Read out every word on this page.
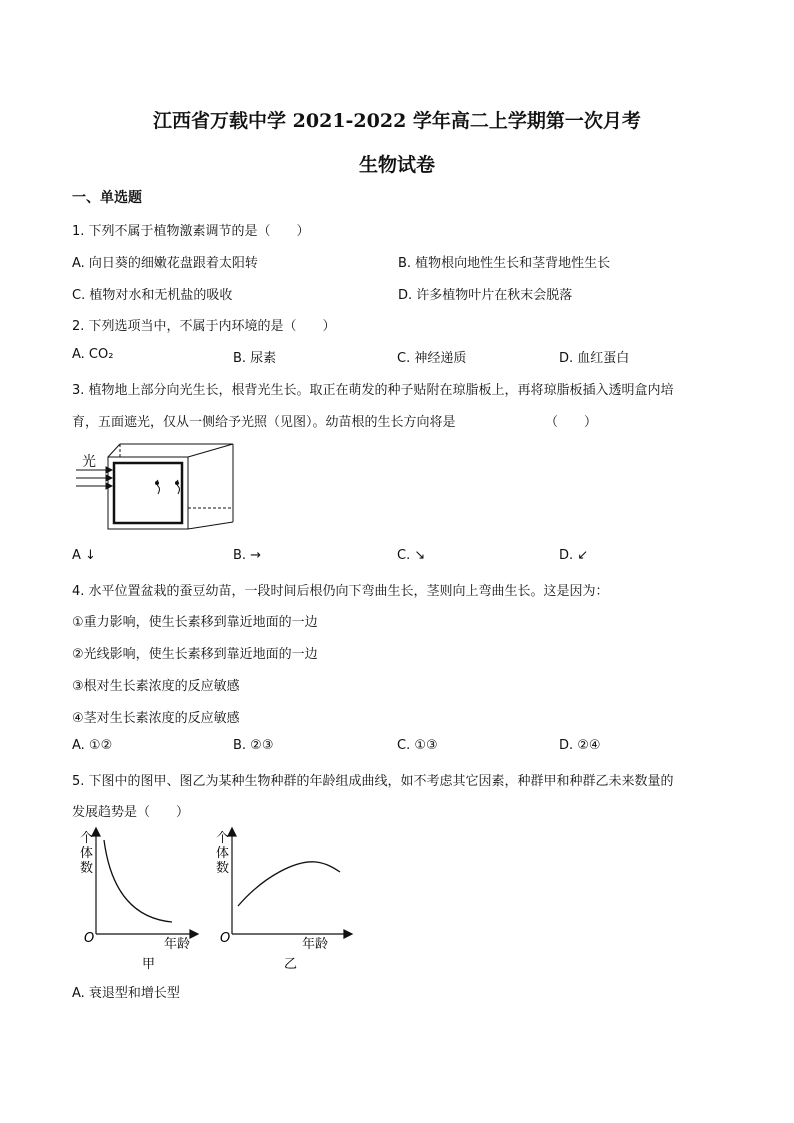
江西省万载中学 2021-2022 学年高二上学期第一次月考
生物试卷
一、单选题
1. 下列不属于植物激素调节的是（　　）
A. 向日葵的细嫩花盘跟着太阳转	B. 植物根向地性生长和茎背地性生长
C. 植物对水和无机盐的吸收	D. 许多植物叶片在秋末会脱落
2. 下列选项当中，不属于内环境的是（　　）
A. CO₂	B. 尿素	C. 神经递质	D. 血红蛋白
3. 植物地上部分向光生长，根背光生长。取正在萌发的种子贴附在琼脂板上，再将琼脂板插入透明盒内培
育，五面遮光，仅从一侧给予光照（见图）。幼苗根的生长方向将是	（　　）
光
A ↓	B. →	C. ↘	D. ↙
4. 水平位置盆栽的蚕豆幼苗，一段时间后根仍向下弯曲生长，茎则向上弯曲生长。这是因为：
①重力影响，使生长素移到靠近地面的一边
②光线影响，使生长素移到靠近地面的一边
③根对生长素浓度的反应敏感
④茎对生长素浓度的反应敏感
A. ①②	B. ②③	C. ①③	D. ②④
5. 下图中的图甲、图乙为某种生物种群的年龄组成曲线，如不考虑其它因素，种群甲和种群乙未来数量的
发展趋势是（　　）
个
体
数
O	年龄
甲
个
体
数
O	年龄
乙
A. 衰退型和增长型
